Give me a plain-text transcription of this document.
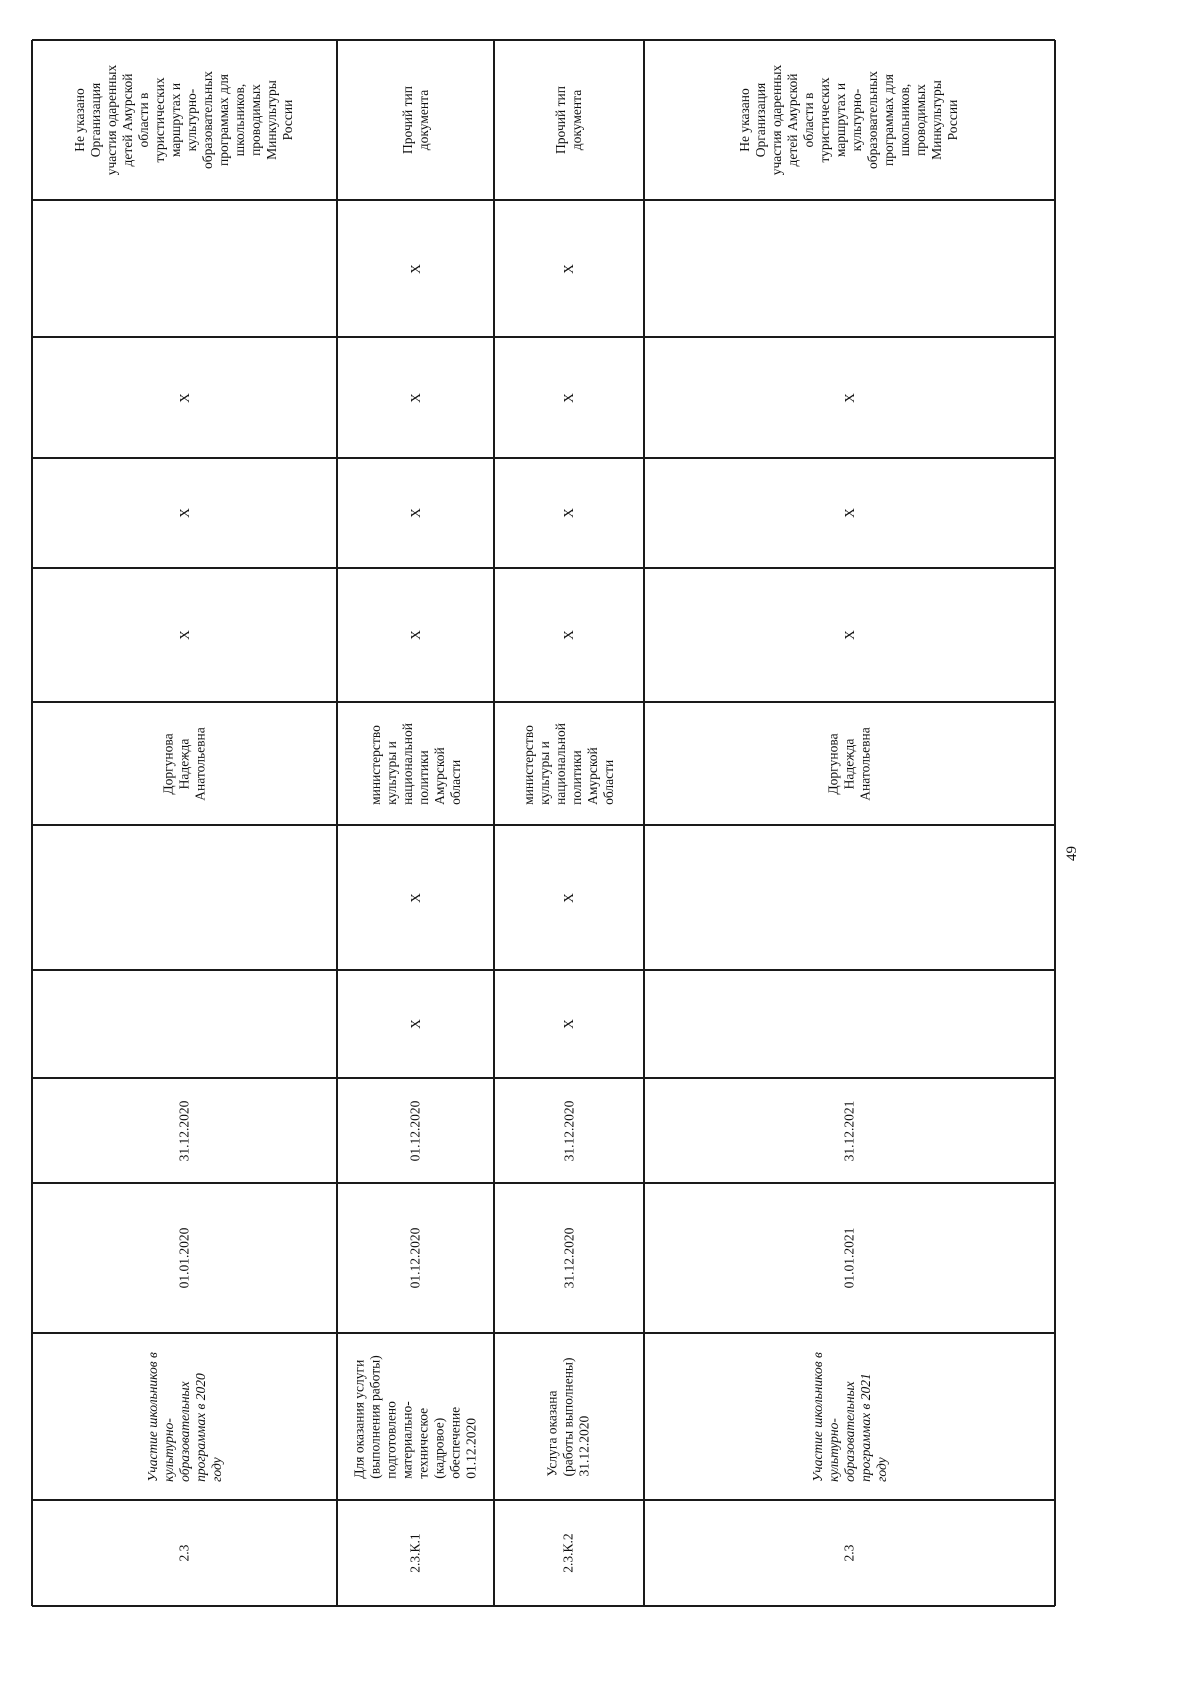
Не указано
Организация
участия одаренных
детей Амурской
области в
туристических
маршрутах и
культурно-
образовательных
программах для
школьников,
проводимых
Минкультуры
России
X
X
X
Доргунова
Надежда
Анатольевна
31.12.2020
01.01.2020
Участие школьников в
культурно-
образовательных
программах в 2020
году
2.3
Прочий тип
документа
X
X
X
X
министерство
культуры и
национальной
политики
Амурской
области
X
X
01.12.2020
01.12.2020
Для оказания услуги
(выполнения работы)
подготовлено
материально-
техническое
(кадровое)
обеспечение
01.12.2020
2.3.К.1
Прочий тип
документа
X
X
X
X
министерство
культуры и
национальной
политики
Амурской
области
X
X
31.12.2020
31.12.2020
Услуга оказана
(работы выполнены)
31.12.2020
2.3.К.2
Не указано
Организация
участия одаренных
детей Амурской
области в
туристических
маршрутах и
культурно-
образовательных
программах для
школьников,
проводимых
Минкультуры
России
X
X
X
Доргунова
Надежда
Анатольевна
31.12.2021
01.01.2021
Участие школьников в
культурно-
образовательных
программах в 2021
году
2.3
49
